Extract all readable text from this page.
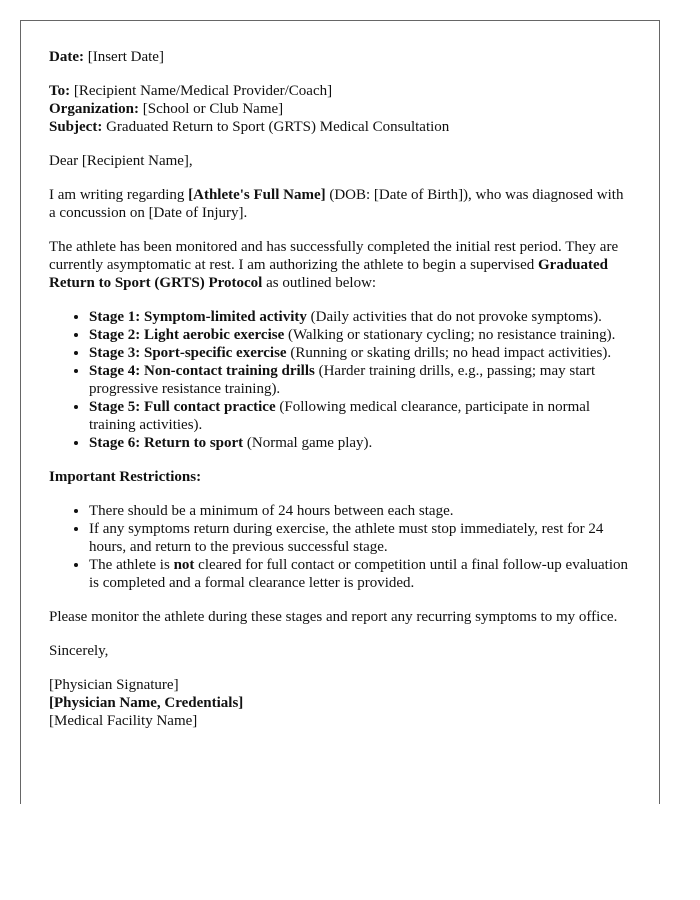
Date: [Insert Date]

To: [Recipient Name/Medical Provider/Coach]
Organization: [School or Club Name]
Subject: Graduated Return to Sport (GRTS) Medical Consultation

Dear [Recipient Name],

I am writing regarding [Athlete's Full Name] (DOB: [Date of Birth]), who was diagnosed with a concussion on [Date of Injury].

The athlete has been monitored and has successfully completed the initial rest period. They are currently asymptomatic at rest. I am authorizing the athlete to begin a supervised Graduated Return to Sport (GRTS) Protocol as outlined below:

• Stage 1: Symptom-limited activity (Daily activities that do not provoke symptoms).
• Stage 2: Light aerobic exercise (Walking or stationary cycling; no resistance training).
• Stage 3: Sport-specific exercise (Running or skating drills; no head impact activities).
• Stage 4: Non-contact training drills (Harder training drills, e.g., passing; may start progressive resistance training).
• Stage 5: Full contact practice (Following medical clearance, participate in normal training activities).
• Stage 6: Return to sport (Normal game play).

Important Restrictions:

• There should be a minimum of 24 hours between each stage.
• If any symptoms return during exercise, the athlete must stop immediately, rest for 24 hours, and return to the previous successful stage.
• The athlete is not cleared for full contact or competition until a final follow-up evaluation is completed and a formal clearance letter is provided.

Please monitor the athlete during these stages and report any recurring symptoms to my office.

Sincerely,

[Physician Signature]
[Physician Name, Credentials]
[Medical Facility Name]
